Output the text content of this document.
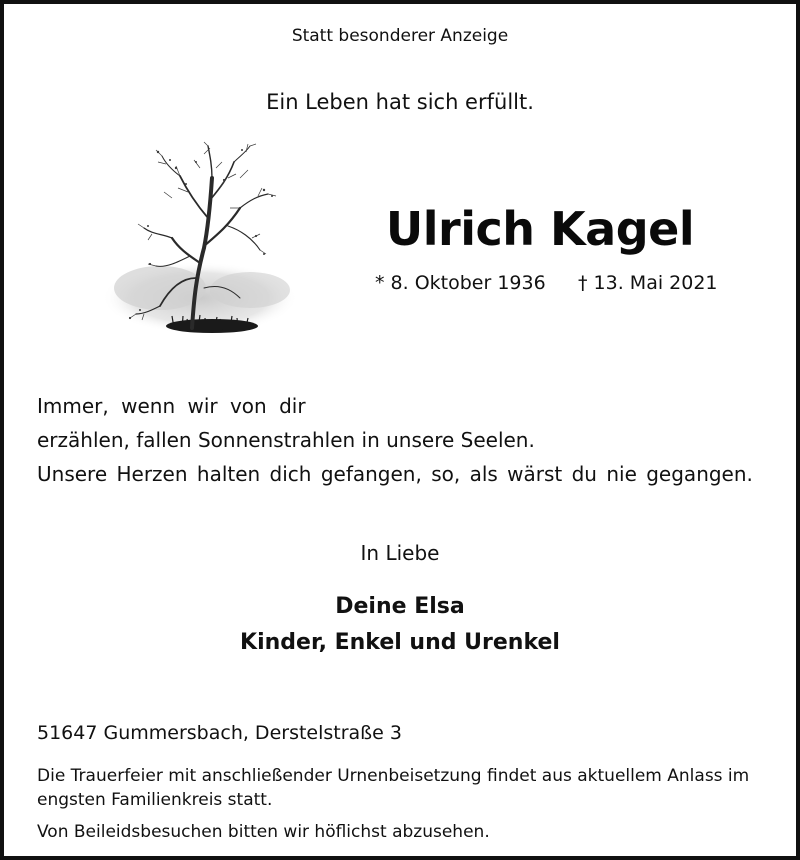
Statt besonderer Anzeige
Ein Leben hat sich erfüllt.
Ulrich Kagel
* 8. Oktober 1936 † 13. Mai 2021
Immer, wenn wir von dir
erzählen, fallen Sonnenstrahlen in unsere Seelen.
Unsere Herzen halten dich gefangen, so, als wärst du nie gegangen.
In Liebe
Deine Elsa
Kinder, Enkel und Urenkel
51647 Gummersbach, Derstelstraße 3
Die Trauerfeier mit anschließender Urnenbeisetzung findet aus aktuellem Anlass im engsten Familienkreis statt.
Von Beileidsbesuchen bitten wir höflichst abzusehen.
